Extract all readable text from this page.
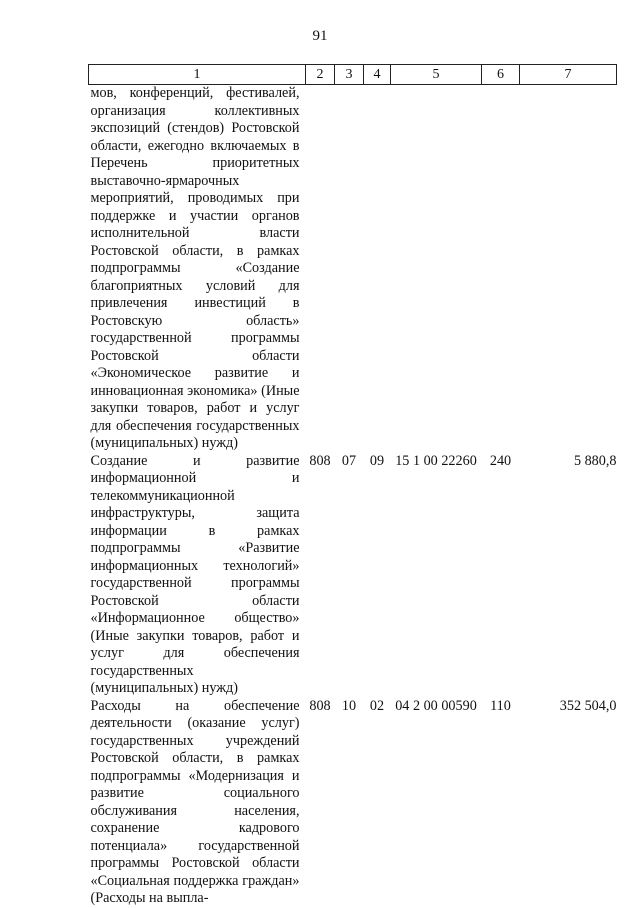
91
1	2	3	4	5	6	7
мов, конференций, фестивалей, организация коллективных экспозиций (стендов) Ростовской области, ежегодно включаемых в Перечень приоритетных выставочно-ярмарочных мероприятий, проводимых при поддержке и участии органов исполнительной власти Ростовской области, в рамках подпрограммы «Создание благоприятных условий для привлечения инвестиций в Ростовскую область» государственной программы Ростовской области «Экономическое развитие и инновационная экономика» (Иные закупки товаров, работ и услуг для обеспечения государственных (муниципальных) нужд)						
Создание и развитие информационной и телекоммуникационной инфраструктуры, защита информации в рамках подпрограммы «Развитие информационных технологий» государственной программы Ростовской области «Информационное общество» (Иные закупки товаров, работ и услуг для обеспечения государственных (муниципальных) нужд)	808	07	09	15 1 00 22260	240	5 880,8
Расходы на обеспечение деятельности (оказание услуг) государственных учреждений Ростовской области, в рамках подпрограммы «Модернизация и развитие социального обслуживания населения, сохранение кадрового потенциала» государственной программы Ростовской области «Социальная поддержка граждан» (Расходы на выпла-	808	10	02	04 2 00 00590	110	352 504,0
